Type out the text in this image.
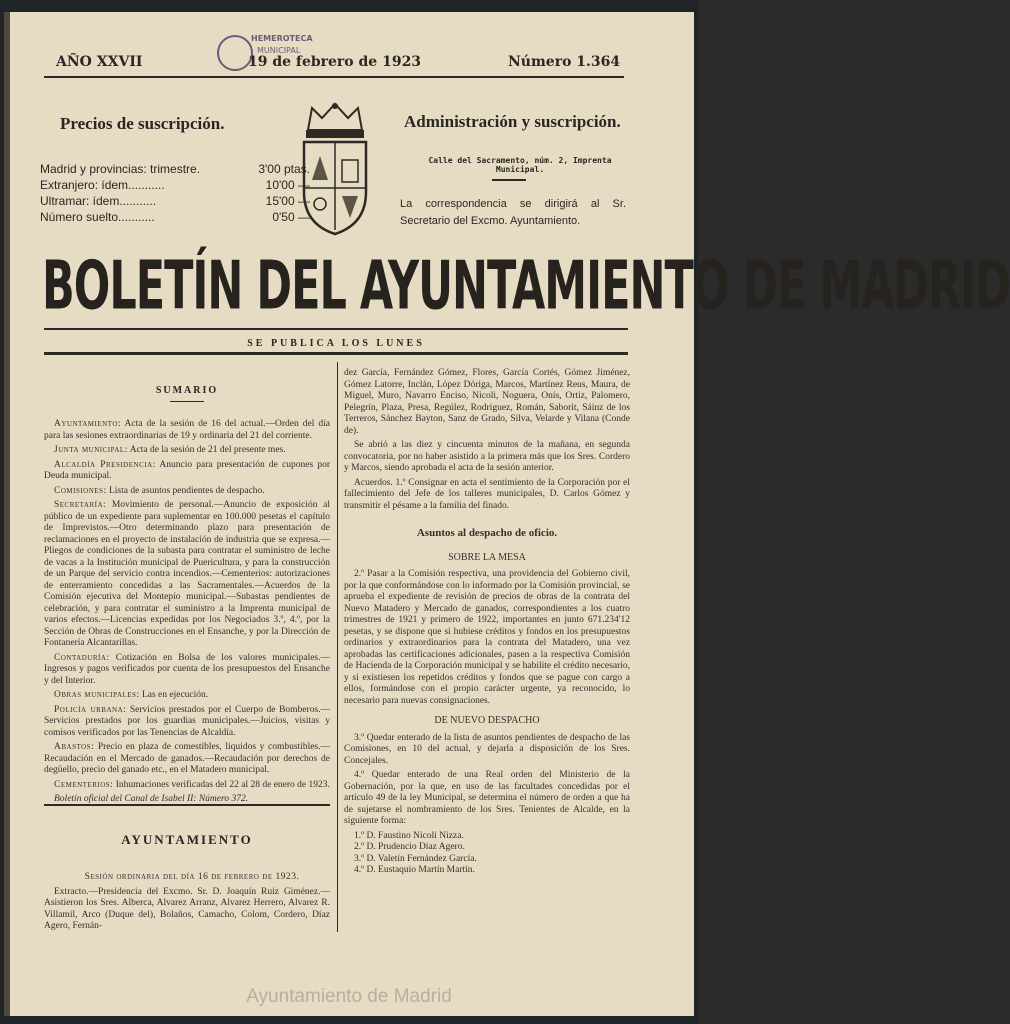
HEMEROTECA
MUNICIPAL
AÑO XXVII	19 de febrero de 1923	Número 1.364
Precios de suscripción.
Madrid y provincias: trimestre.	3'00 ptas.
Extranjero: ídem...........	10'00 —
Ultramar: ídem...........	15'00 —
Número suelto...........	0'50 —
Administración y suscripción.
Calle del Sacramento, núm. 2, Imprenta Municipal.
La correspondencia se dirigirá al Sr. Secretario del Excmo. Ayuntamiento.
BOLETÍN DEL AYUNTAMIENTO DE MADRID
SE PUBLICA LOS LUNES
SUMARIO

Ayuntamiento: Acta de la sesión de 16 del actual.—Orden del día para las sesiones extraordinarias de 19 y ordinaria del 21 del corriente.

Junta municipal: Acta de la sesión de 21 del presente mes.

Alcaldía Presidencia: Anuncio para presentación de cupones por Deuda municipal.

Comisiones: Lista de asuntos pendientes de despacho.

Secretaría: Movimiento de personal.—Anuncio de exposición al público de un expediente para suplementar en 100.000 pesetas el capítulo de Imprevistos.—Otro determinando plazo para presentación de reclamaciones en el proyecto de instalación de industria que se expresa.—Pliegos de condiciones de la subasta para contratar el suministro de leche de vacas a la Institución municipal de Puericultura, y para la construcción de un Parque del servicio contra incendios.—Cementerios: autorizaciones de enterramiento concedidas a las Sacramentales.—Acuerdos de la Comisión ejecutiva del Montepío municipal.—Subastas pendientes de celebración, y para contratar el suministro a la Imprenta municipal de varios efectos.—Licencias expedidas por los Negociados 3.º, 4.º, por la Sección de Obras de Construcciones en el Ensanche, y por la Dirección de Fontanería Alcantarillas.

Contaduría: Cotización en Bolsa de los valores municipales.—Ingresos y pagos verificados por cuenta de los presupuestos del Ensanche y del Interior.

Obras municipales: Las en ejecución.

Policía urbana: Servicios prestados por el Cuerpo de Bomberos.—Servicios prestados por los guardias municipales.—Juicios, visitas y comisos verificados por las Tenencias de Alcaldía.

Abastos: Precio en plaza de comestibles, líquidos y combustibles.—Recaudación en el Mercado de ganados.—Recaudación por derechos de degüello, precio del ganado etc., en el Matadero municipal.

Cementerios: Inhumaciones verificadas del 22 al 28 de enero de 1923.

Boletín oficial del Canal de Isabel II: Número 372.

AYUNTAMIENTO

Sesión ordinaria del día 16 de febrero de 1923.

Extracto.—Presidencia del Excmo. Sr. D. Joaquín Ruiz Giménez.—Asistieron los Sres. Alberca, Alvarez Arranz, Alvarez Herrero, Alvarez R. Villamil, Arco (Duque del), Bolaños, Camacho, Colom, Cordero, Díaz Agero, Fernán-

dez García, Fernández Gómez, Flores, García Cortés, Gómez Jiménez, Gómez Latorre, Inclán, López Dóriga, Marcos, Martínez Reus, Maura, de Miguel, Muro, Navarro Enciso, Nicoli, Noguera, Onís, Ortiz, Palomero, Pelegrín, Plaza, Presa, Regúlez, Rodríguez, Román, Saborit, Sáinz de los Terreros, Sánchez Bayton, Sanz de Grado, Silva, Velarde y Vilana (Conde de).

Se abrió a las diez y cincuenta minutos de la mañana, en segunda convocatoria, por no haber asistido a la primera más que los Sres. Cordero y Marcos, siendo aprobada el acta de la sesión anterior.

Acuerdos. 1.º Consignar en acta el sentimiento de la Corporación por el fallecimiento del Jefe de los talleres municipales, D. Carlos Gómez y transmitir el pésame a la familia del finado.

Asuntos al despacho de oficio.
SOBRE LA MESA

2.º Pasar a la Comisión respectiva, una providencia del Gobierno civil, por la que conformándose con lo informado por la Comisión provincial, se aprueba el expediente de revisión de precios de obras de la contrata del Nuevo Matadero y Mercado de ganados, correspondientes a los cuatro trimestres de 1921 y primero de 1922, importantes en junto 671.234'12 pesetas, y se dispone que si hubiese créditos y fondos en los presupuestos ordinarios y extraordinarios para la contrata del Matadero, una vez aprobadas las certificaciones adicionales, pasen a la respectiva Comisión de Hacienda de la Corporación municipal y se habilite el crédito necesario, y si existiesen los repetidos créditos y fondos que se pague con cargo a ellos, formándose con el propio carácter urgente, ya reconocido, lo necesario para nuevas consignaciones.

DE NUEVO DESPACHO

3.º Quedar enterado de la lista de asuntos pendientes de despacho de las Comisiones, en 10 del actual, y dejarla a disposición de los Sres. Concejales.

4.º Quedar enterado de una Real orden del Ministerio de la Gobernación, por la que, en uso de las facultades concedidas por el artículo 49 de la ley Municipal, se determina el número de orden a que ha de sujetarse el nombramiento de los Sres. Tenientes de Alcalde, en la siguiente forma:

1.º D. Faustino Nicoli Nizza.
2.º D. Prudencio Díaz Agero.
3.º D. Valetín Fernández García.
4.º D. Eustaquio Martín Martín.
Ayuntamiento de Madrid
